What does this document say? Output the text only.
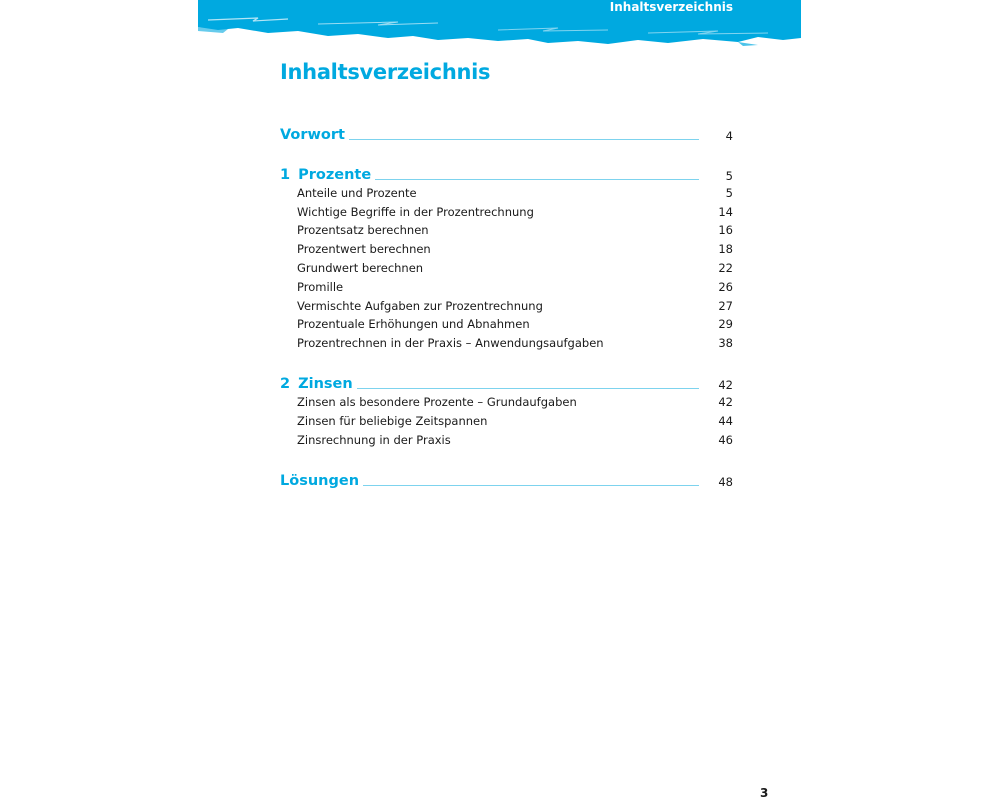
Inhaltsverzeichnis
Inhaltsverzeichnis
Vorwort	4
1 Prozente	5
Anteile und Prozente	5
Wichtige Begriffe in der Prozentrechnung	14
Prozentsatz berechnen	16
Prozentwert berechnen	18
Grundwert berechnen	22
Promille	26
Vermischte Aufgaben zur Prozentrechnung	27
Prozentuale Erhöhungen und Abnahmen	29
Prozentrechnen in der Praxis – Anwendungsaufgaben	38
2 Zinsen	42
Zinsen als besondere Prozente – Grundaufgaben	42
Zinsen für beliebige Zeitspannen	44
Zinsrechnung in der Praxis	46
Lösungen	48
3
